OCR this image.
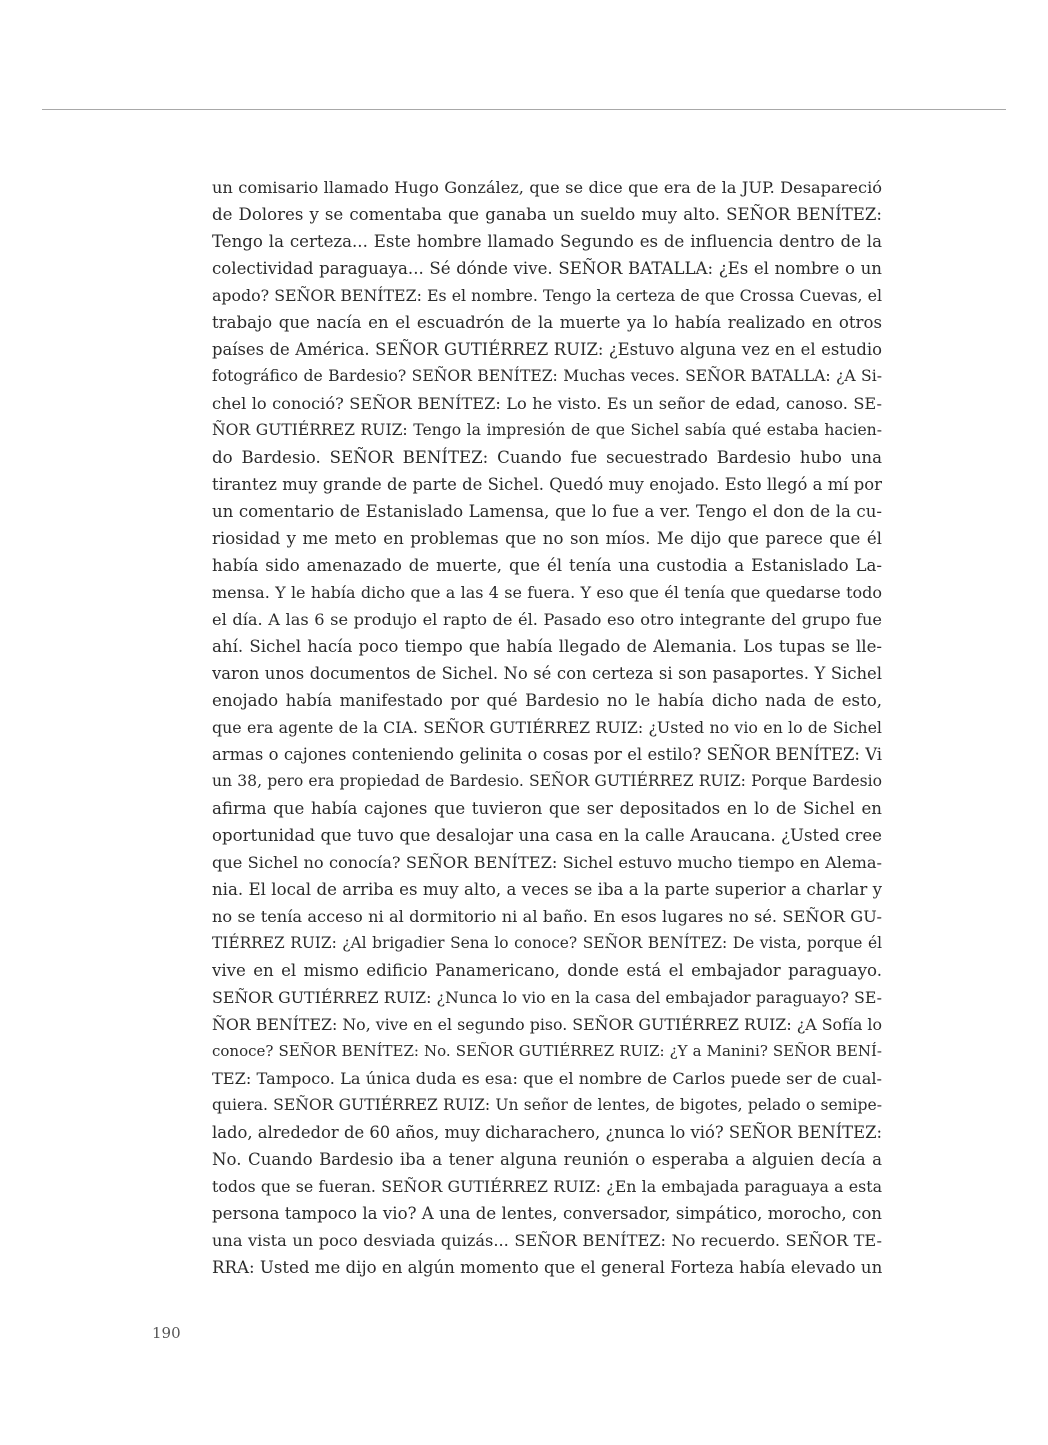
un comisario llamado Hugo González, que se dice que era de la JUP. Desapareció
de Dolores y se comentaba que ganaba un sueldo muy alto. SEÑOR BENÍTEZ:
Tengo la certeza... Este hombre llamado Segundo es de influencia dentro de la
colectividad paraguaya... Sé dónde vive. SEÑOR BATALLA: ¿Es el nombre o un
apodo? SEÑOR BENÍTEZ: Es el nombre. Tengo la certeza de que Crossa Cuevas, el
trabajo que nacía en el escuadrón de la muerte ya lo había realizado en otros
países de América. SEÑOR GUTIÉRREZ RUIZ: ¿Estuvo alguna vez en el estudio
fotográfico de Bardesio? SEÑOR BENÍTEZ: Muchas veces. SEÑOR BATALLA: ¿A Si-
chel lo conoció? SEÑOR BENÍTEZ: Lo he visto. Es un señor de edad, canoso. SE-
ÑOR GUTIÉRREZ RUIZ: Tengo la impresión de que Sichel sabía qué estaba hacien-
do Bardesio. SEÑOR BENÍTEZ: Cuando fue secuestrado Bardesio hubo una
tirantez muy grande de parte de Sichel. Quedó muy enojado. Esto llegó a mí por
un comentario de Estanislado Lamensa, que lo fue a ver. Tengo el don de la cu-
riosidad y me meto en problemas que no son míos. Me dijo que parece que él
había sido amenazado de muerte, que él tenía una custodia a Estanislado La-
mensa. Y le había dicho que a las 4 se fuera. Y eso que él tenía que quedarse todo
el día. A las 6 se produjo el rapto de él. Pasado eso otro integrante del grupo fue
ahí. Sichel hacía poco tiempo que había llegado de Alemania. Los tupas se lle-
varon unos documentos de Sichel. No sé con certeza si son pasaportes. Y Sichel
enojado había manifestado por qué Bardesio no le había dicho nada de esto,
que era agente de la CIA. SEÑOR GUTIÉRREZ RUIZ: ¿Usted no vio en lo de Sichel
armas o cajones conteniendo gelinita o cosas por el estilo? SEÑOR BENÍTEZ: Vi
un 38, pero era propiedad de Bardesio. SEÑOR GUTIÉRREZ RUIZ: Porque Bardesio
afirma que había cajones que tuvieron que ser depositados en lo de Sichel en
oportunidad que tuvo que desalojar una casa en la calle Araucana. ¿Usted cree
que Sichel no conocía? SEÑOR BENÍTEZ: Sichel estuvo mucho tiempo en Alema-
nia. El local de arriba es muy alto, a veces se iba a la parte superior a charlar y
no se tenía acceso ni al dormitorio ni al baño. En esos lugares no sé. SEÑOR GU-
TIÉRREZ RUIZ: ¿Al brigadier Sena lo conoce? SEÑOR BENÍTEZ: De vista, porque él
vive en el mismo edificio Panamericano, donde está el embajador paraguayo.
SEÑOR GUTIÉRREZ RUIZ: ¿Nunca lo vio en la casa del embajador paraguayo? SE-
ÑOR BENÍTEZ: No, vive en el segundo piso. SEÑOR GUTIÉRREZ RUIZ: ¿A Sofía lo
conoce? SEÑOR BENÍTEZ: No. SEÑOR GUTIÉRREZ RUIZ: ¿Y a Manini? SEÑOR BENÍ-
TEZ: Tampoco. La única duda es esa: que el nombre de Carlos puede ser de cual-
quiera. SEÑOR GUTIÉRREZ RUIZ: Un señor de lentes, de bigotes, pelado o semipe-
lado, alrededor de 60 años, muy dicharachero, ¿nunca lo vió? SEÑOR BENÍTEZ:
No. Cuando Bardesio iba a tener alguna reunión o esperaba a alguien decía a
todos que se fueran. SEÑOR GUTIÉRREZ RUIZ: ¿En la embajada paraguaya a esta
persona tampoco la vio? A una de lentes, conversador, simpático, morocho, con
una vista un poco desviada quizás... SEÑOR BENÍTEZ: No recuerdo. SEÑOR TE-
RRA: Usted me dijo en algún momento que el general Forteza había elevado un
190
